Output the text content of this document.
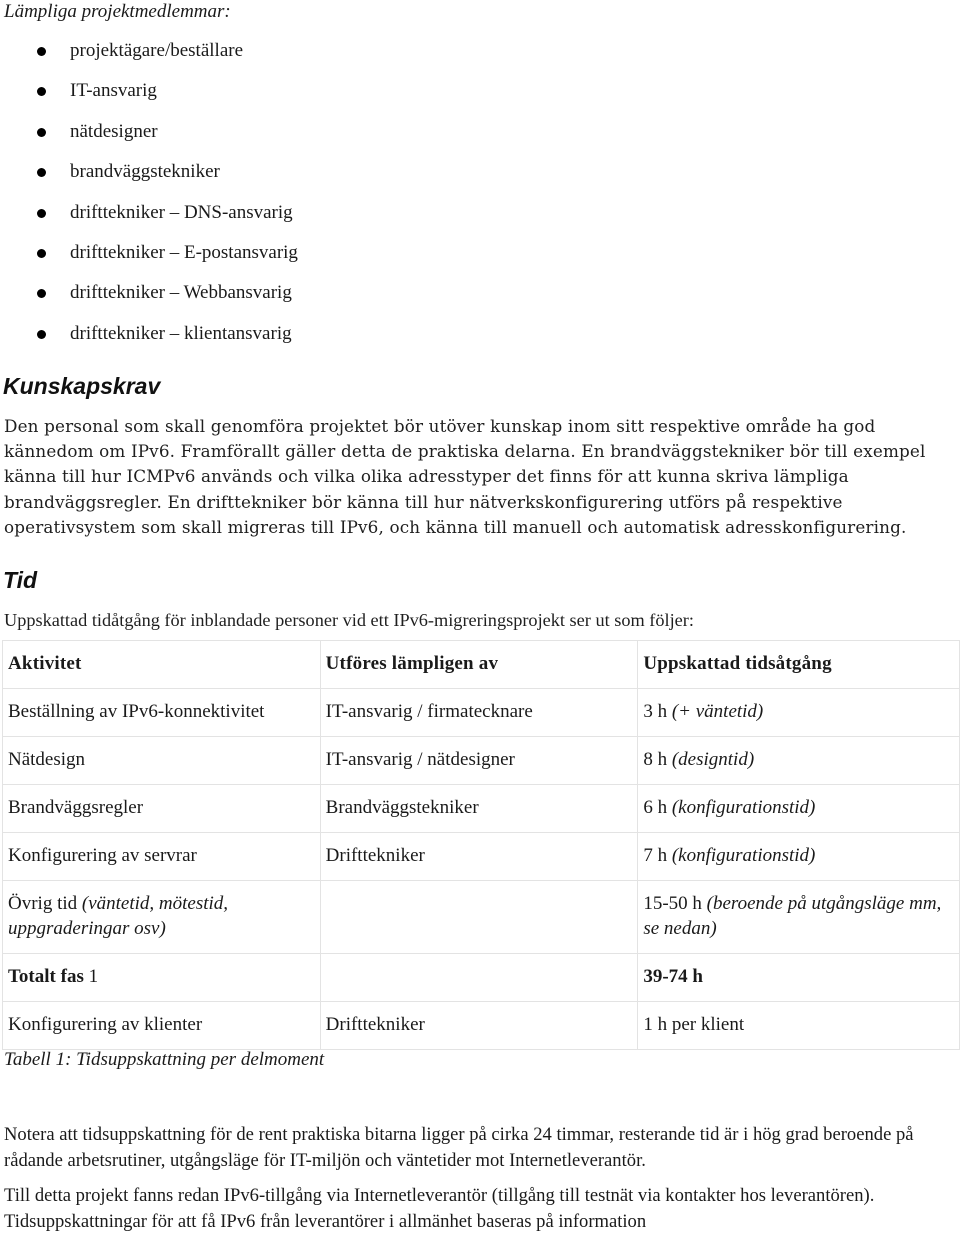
Lämpliga projektmedlemmar:
projektägare/beställare
IT-ansvarig
nätdesigner
brandväggstekniker
drifttekniker – DNS-ansvarig
drifttekniker – E-postansvarig
drifttekniker – Webbansvarig
drifttekniker – klientansvarig
Kunskapskrav
Den personal som skall genomföra projektet bör utöver kunskap inom sitt respektive område ha god
kännedom om IPv6. Framförallt gäller detta de praktiska delarna. En brandväggstekniker bör till exempel
känna till hur ICMPv6 används och vilka olika adresstyper det finns för att kunna skriva lämpliga
brandväggsregler. En drifttekniker bör känna till hur nätverkskonfigurering utförs på respektive
operativsystem som skall migreras till IPv6, och känna till manuell och automatisk adresskonfigurering.
Tid
Uppskattad tidåtgång för inblandade personer vid ett IPv6-migreringsprojekt ser ut som följer:
Aktivitet	Utföres lämpligen av	Uppskattad tidsåtgång
Beställning av IPv6-konnektivitet	IT-ansvarig / firmatecknare	3 h (+ väntetid)
Nätdesign	IT-ansvarig / nätdesigner	8 h (designtid)
Brandväggsregler	Brandväggstekniker	6 h (konfigurationstid)
Konfigurering av servrar	Drifttekniker	7 h (konfigurationstid)
Övrig tid (väntetid, mötestid, uppgraderingar osv)		15-50 h (beroende på utgångsläge mm, se nedan)
Totalt fas 1		39-74 h
Konfigurering av klienter	Drifttekniker	1 h per klient
Tabell 1: Tidsuppskattning per delmoment
Notera att tidsuppskattning för de rent praktiska bitarna ligger på cirka 24 timmar, resterande tid är i hög grad beroende på rådande arbetsrutiner, utgångsläge för IT-miljön och väntetider mot Internetleverantör.
Till detta projekt fanns redan IPv6-tillgång via Internetleverantör (tillgång till testnät via kontakter hos leverantören). Tidsuppskattningar för att få IPv6 från leverantörer i allmänhet baseras på information
